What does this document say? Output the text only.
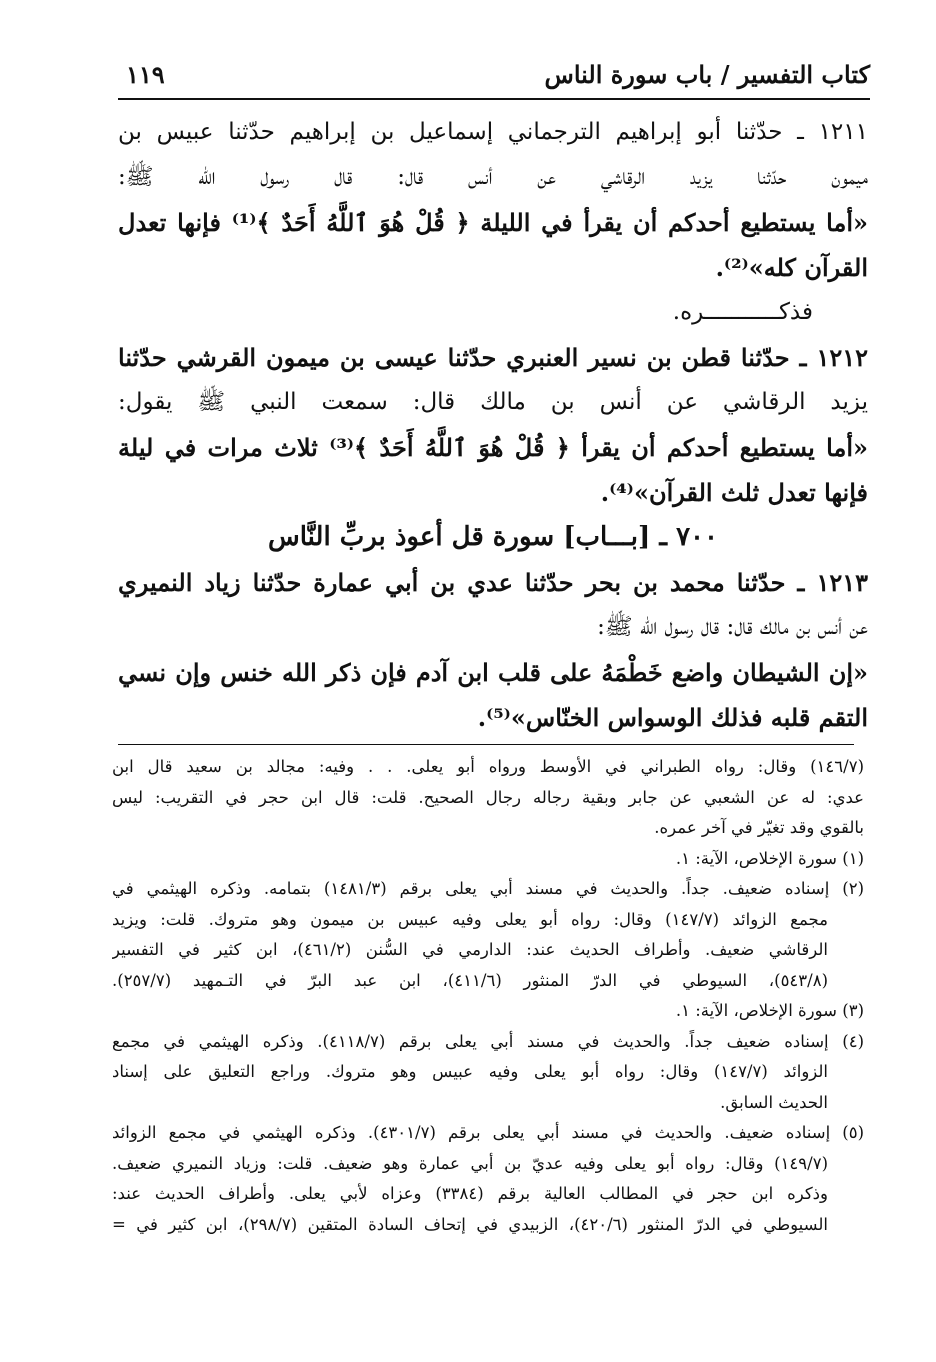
كتاب التفسير / باب سورة الناس
١١٩
١٢١١ ـ حدّثنا أبو إبراهيم الترجماني إسماعيل بن إبراهيم حدّثنا عبيس بن
ميمون حدّثنا يزيد الرقاشي عن أنس قال: قال رسول الله ﷺ:
«أما يستطيع أحدكم أن يقرأ في الليلة ﴿ قُلْ هُوَ ٱللَّهُ أَحَدٌ ﴾⁽¹⁾ فإنها تعدل
القرآن كله»⁽²⁾.
فذكـــــــــــره.
١٢١٢ ـ حدّثنا قطن بن نسير العنبري حدّثنا عيسى بن ميمون القرشي حدّثنا
يزيد الرقاشي عن أنس بن مالك قال: سمعت النبي ﷺ يقول:
«أما يستطيع أحدكم أن يقرأ ﴿ قُلْ هُوَ ٱللَّهُ أَحَدٌ ﴾⁽³⁾ ثلاث مرات في ليلة
فإنها تعدل ثلث القرآن»⁽⁴⁾.
٧٠٠ ـ [بـــاب] سورة قل أعوذ بربِّ النَّاس
١٢١٣ ـ حدّثنا محمد بن بحر حدّثنا عدي بن أبي عمارة حدّثنا زياد النميري
عن أنس بن مالك قال: قال رسول الله ﷺ:
«إن الشيطان واضع خَطْمَهُ على قلب ابن آدم فإن ذكر الله خنس وإن نسي
التقم قلبه فذلك الوسواس الخنّاس»⁽⁵⁾.
(١٤٦/٧) وقال: رواه الطبراني في الأوسط ورواه أبو يعلى. . . وفيه: مجالد بن سعيد قال ابن
عدي: له عن الشعبي عن جابر وبقية رجاله رجال الصحيح. قلت: قال ابن حجر في التقريب: ليس
بالقوي وقد تغيّر في آخر عمره.
(١) سورة الإخلاص، الآية: ١.
(٢) إسناده ضعيف. جداً. والحديث في مسند أبي يعلى برقم (١٤٨١/٣) بتمامه. وذكره الهيثمي في
مجمع الزوائد (١٤٧/٧) وقال: رواه أبو يعلى وفيه عبيس بن ميمون وهو متروك. قلت: ويزيد
الرقاشي ضعيف. وأطراف الحديث عند: الدارمي في السُّنن (٤٦١/٢)، ابن كثير في التفسير
(٥٤٣/٨)، السيوطي في الدرّ المنثور (٤١١/٦)، ابن عبد البرّ في التـمهيد (٢٥٧/٧).
(٣) سورة الإخلاص، الآية: ١.
(٤) إسناده ضعيف جداً. والحديث في مسند أبي يعلى برقم (٤١١٨/٧). وذكره الهيثمي في مجمع
الزوائد (١٤٧/٧) وقال: رواه أبو يعلى وفيه عبيس وهو متروك. وراجع التعليق على إسناد
الحديث السابق.
(٥) إسناده ضعيف. والحديث في مسند أبي يعلى برقم (٤٣٠١/٧). وذكره الهيثمي في مجمع الزوائد
(١٤٩/٧) وقال: رواه أبو يعلى وفيه عديّ بن أبي عمارة وهو ضعيف. قلت: وزياد النميري ضعيف.
وذكره ابن حجر في المطالب العالية برقم (٣٣٨٤) وعزاه لأبي يعلى. وأطراف الحديث عند:
السيوطي في الدرّ المنثور (٤٢٠/٦)، الزبيدي في إتحاف السادة المتقين (٢٩٨/٧)، ابن كثير في =
